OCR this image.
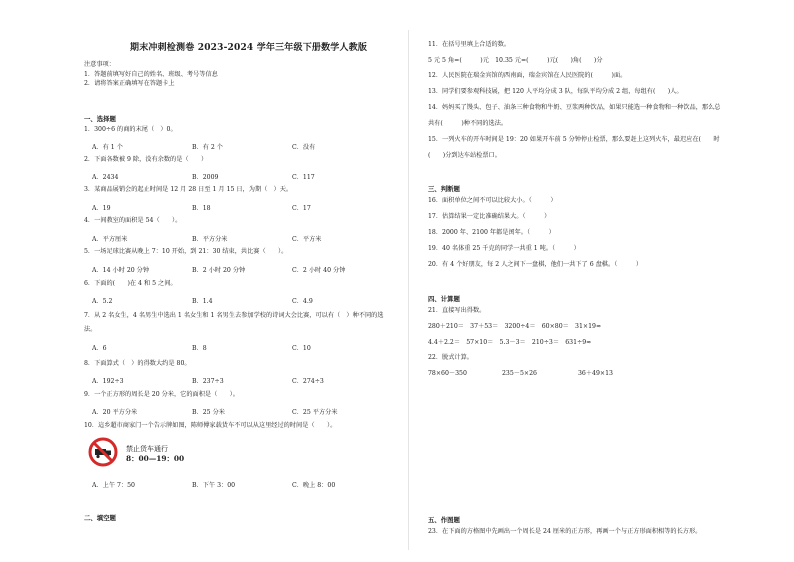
期末冲刺检测卷 2023-2024 学年三年级下册数学人教版
注意事项：
1．答题前填写好自己的姓名、班级、考号等信息
2．请将答案正确填写在答题卡上
一、选择题
1．300÷6 的商的末尾（　）0。
A．有 1 个	B．有 2 个	C．没有
2．下面各数被 9 除，没有余数的是（　　）
A．2434	B．2009	C．117
3．某商品展销会的起止时间是 12 月 28 日至 1 月 15 日，为期（　）天。
A．19	B．18	C．17
4．一间教室的面积是 54（　　）。
A．平方厘米	B．平方分米	C．平方米
5．一场足球比赛从晚上 7：10 开始，到 21：30 结束，共比赛（　　）。
A．14 小时 20 分钟	B．2 小时 20 分钟	C．2 小时 40 分钟
6．下面的(　　)在 4 和 5 之间。
A．5.2	B．1.4	C．4.9
7．从 2 名女生，4 名男生中选出 1 名女生和 1 名男生去参加学校的诗词大会比赛，可以有（　）种不同的选
法。
A．6	B．8	C．10
8．下面算式（　）的得数大约是 80。
A．192÷3	B．237÷3	C．274÷3
9．一个正方形的周长是 20 分米，它的面积是（　　）。
A．20 平方分米	B．25 分米	C．25 平方分米
10．這乡超市商家门一个告示牌如图，陈师傅家载货车不可以从这里经过的时间是（　　）。
禁止货车通行
8：00—19：00
A．上午 7：50	B．下午 3：00	C．晚上 8：00
二、填空题
11．在括号里填上合适的数。
5 元 5 角=(　　　)元　10.35 元=(　　　)元(　　)角(　　)分
12．人民医院在瑞金宾馆的西南面，瑞金宾馆在人民医院的(　　　)面。
13．同学们要参观科技展，把 120 人平均分成 3 队，每队平均分成 2 组，每组有(　　)人。
14．妈妈买了馒头、包子、油条三种食物和牛奶、豆浆两种饮品，如果只能选一种食物和一种饮品，那么总
共有(　　　)种不同的选法。
15．一列火车的开车时间是 19：20 如果开车前 5 分钟停止检票，那么要赶上这列火车，最迟应在(　　时
(　　)分到达车站检票口。
三、判断题
16．面积单位之间不可以比较大小。（　　　）
17．估算结果一定比准确结果大。（　　　）
18．2000 年、2100 年都是闰年。（　　　）
19．40 名体重 25 千克的同学一共重 1 吨。（　　　）
20．有 4 个好朋友，每 2 人之间下一盘棋，他们一共下了 6 盘棋。（　　　）
四、计算题
21．直接写出得数。
280＋210＝　37＋53＝　3200÷4＝　60×80＝　31×19≈
4.4＋2.2＝　57×10＝　5.3－3＝　210÷3＝　631÷9≈
22．脱式计算。
78×60－350	235－5×26	36＋49×13
五、作图题
23．在下面的方格图中先画出一个周长是 24 厘米的正方形，再画一个与正方形面积相等的长方形。
